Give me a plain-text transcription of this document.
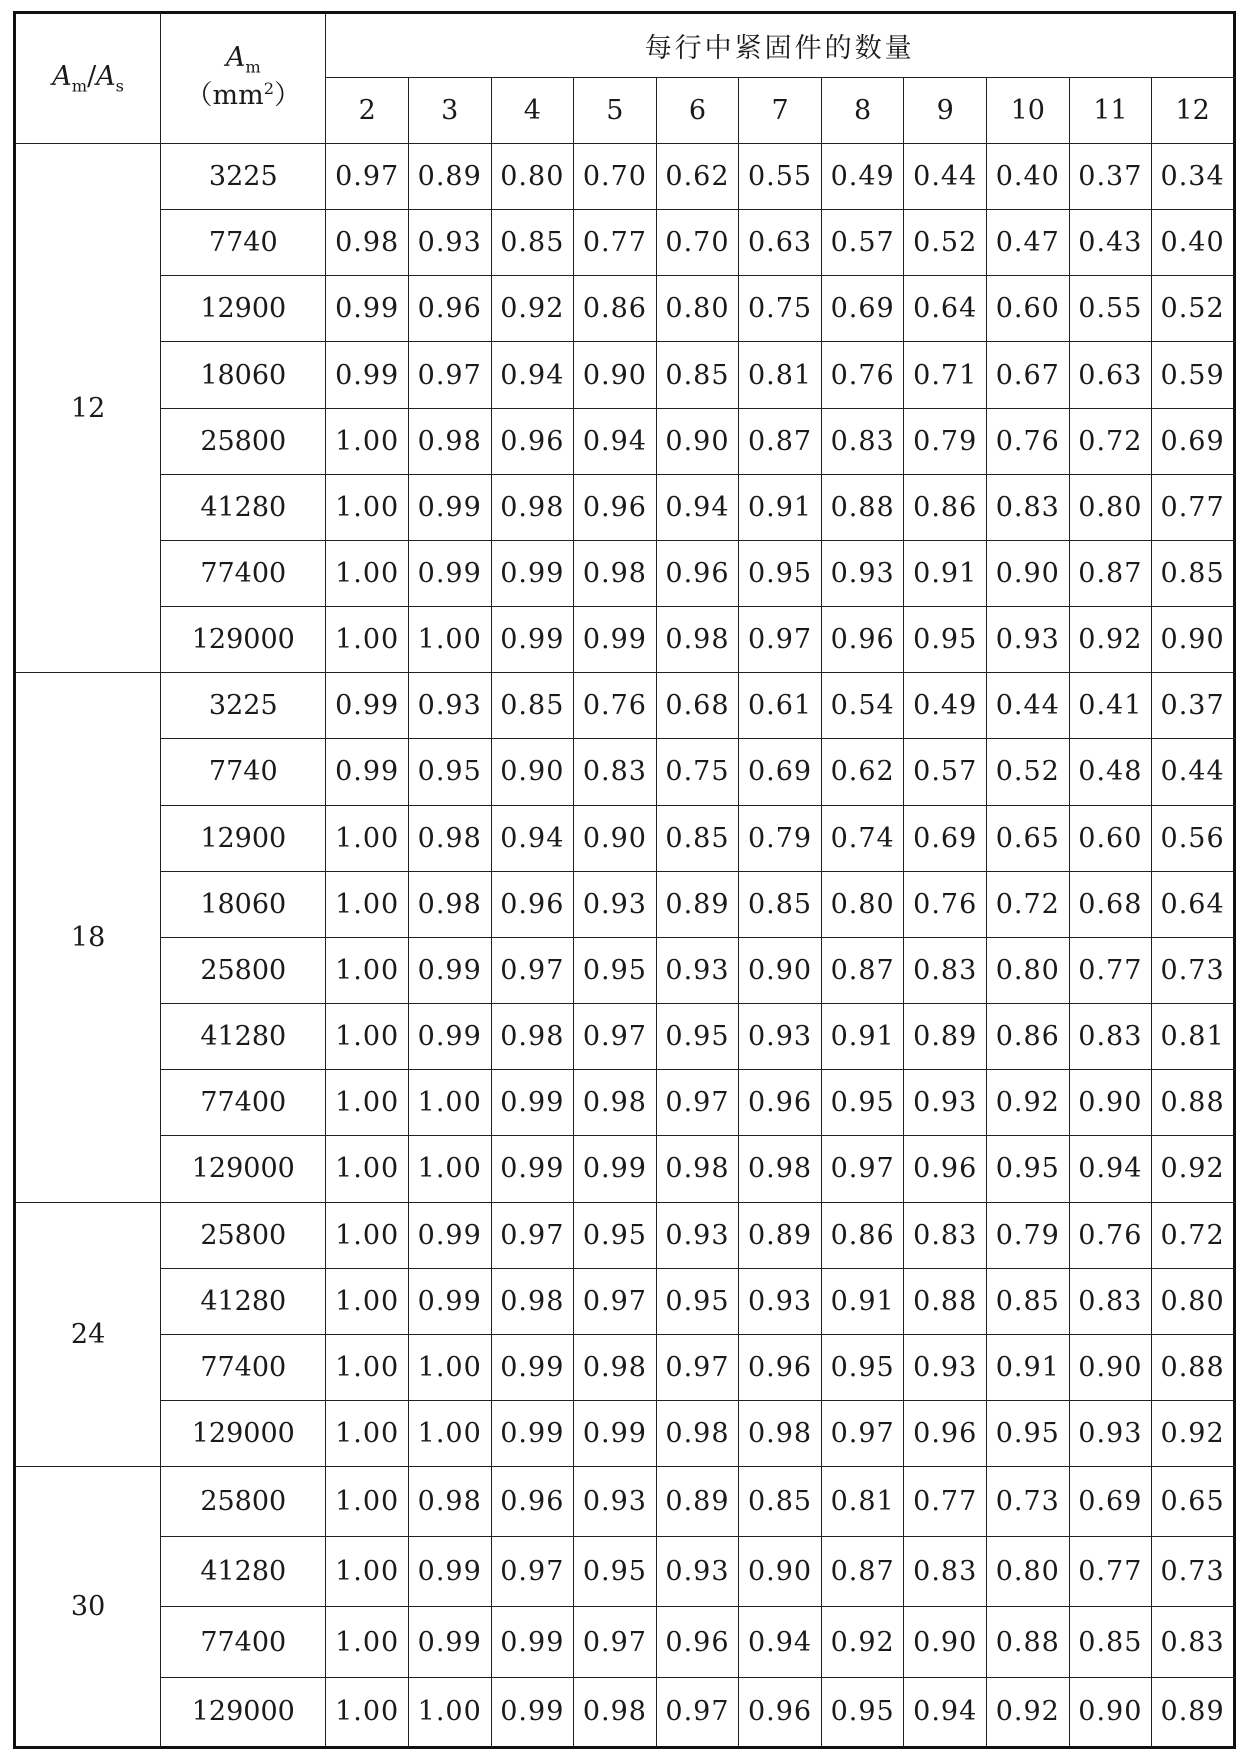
$A_m/A_s$	$A_m$
$(mm^2)$	每行中紧固件的数量										
		2	3	4	5	6	7	8	9	10	11	12
12	3225	0.97	0.89	0.80	0.70	0.62	0.55	0.49	0.44	0.40	0.37	0.34
	7740	0.98	0.93	0.85	0.77	0.70	0.63	0.57	0.52	0.47	0.43	0.40
	12900	0.99	0.96	0.92	0.86	0.80	0.75	0.69	0.64	0.60	0.55	0.52
	18060	0.99	0.97	0.94	0.90	0.85	0.81	0.76	0.71	0.67	0.63	0.59
	25800	1.00	0.98	0.96	0.94	0.90	0.87	0.83	0.79	0.76	0.72	0.69
	41280	1.00	0.99	0.98	0.96	0.94	0.91	0.88	0.86	0.83	0.80	0.77
	77400	1.00	0.99	0.99	0.98	0.96	0.95	0.93	0.91	0.90	0.87	0.85
	129000	1.00	1.00	0.99	0.99	0.98	0.97	0.96	0.95	0.93	0.92	0.90
18	3225	0.99	0.93	0.85	0.76	0.68	0.61	0.54	0.49	0.44	0.41	0.37
	7740	0.99	0.95	0.90	0.83	0.75	0.69	0.62	0.57	0.52	0.48	0.44
	12900	1.00	0.98	0.94	0.90	0.85	0.79	0.74	0.69	0.65	0.60	0.56
	18060	1.00	0.98	0.96	0.93	0.89	0.85	0.80	0.76	0.72	0.68	0.64
	25800	1.00	0.99	0.97	0.95	0.93	0.90	0.87	0.83	0.80	0.77	0.73
	41280	1.00	0.99	0.98	0.97	0.95	0.93	0.91	0.89	0.86	0.83	0.81
	77400	1.00	1.00	0.99	0.98	0.97	0.96	0.95	0.93	0.92	0.90	0.88
	129000	1.00	1.00	0.99	0.99	0.98	0.98	0.97	0.96	0.95	0.94	0.92
24	25800	1.00	0.99	0.97	0.95	0.93	0.89	0.86	0.83	0.79	0.76	0.72
	41280	1.00	0.99	0.98	0.97	0.95	0.93	0.91	0.88	0.85	0.83	0.80
	77400	1.00	1.00	0.99	0.98	0.97	0.96	0.95	0.93	0.91	0.90	0.88
	129000	1.00	1.00	0.99	0.99	0.98	0.98	0.97	0.96	0.95	0.93	0.92
30	25800	1.00	0.98	0.96	0.93	0.89	0.85	0.81	0.77	0.73	0.69	0.65
	41280	1.00	0.99	0.97	0.95	0.93	0.90	0.87	0.83	0.80	0.77	0.73
	77400	1.00	0.99	0.99	0.97	0.96	0.94	0.92	0.90	0.88	0.85	0.83
	129000	1.00	1.00	0.99	0.98	0.97	0.96	0.95	0.94	0.92	0.90	0.89
